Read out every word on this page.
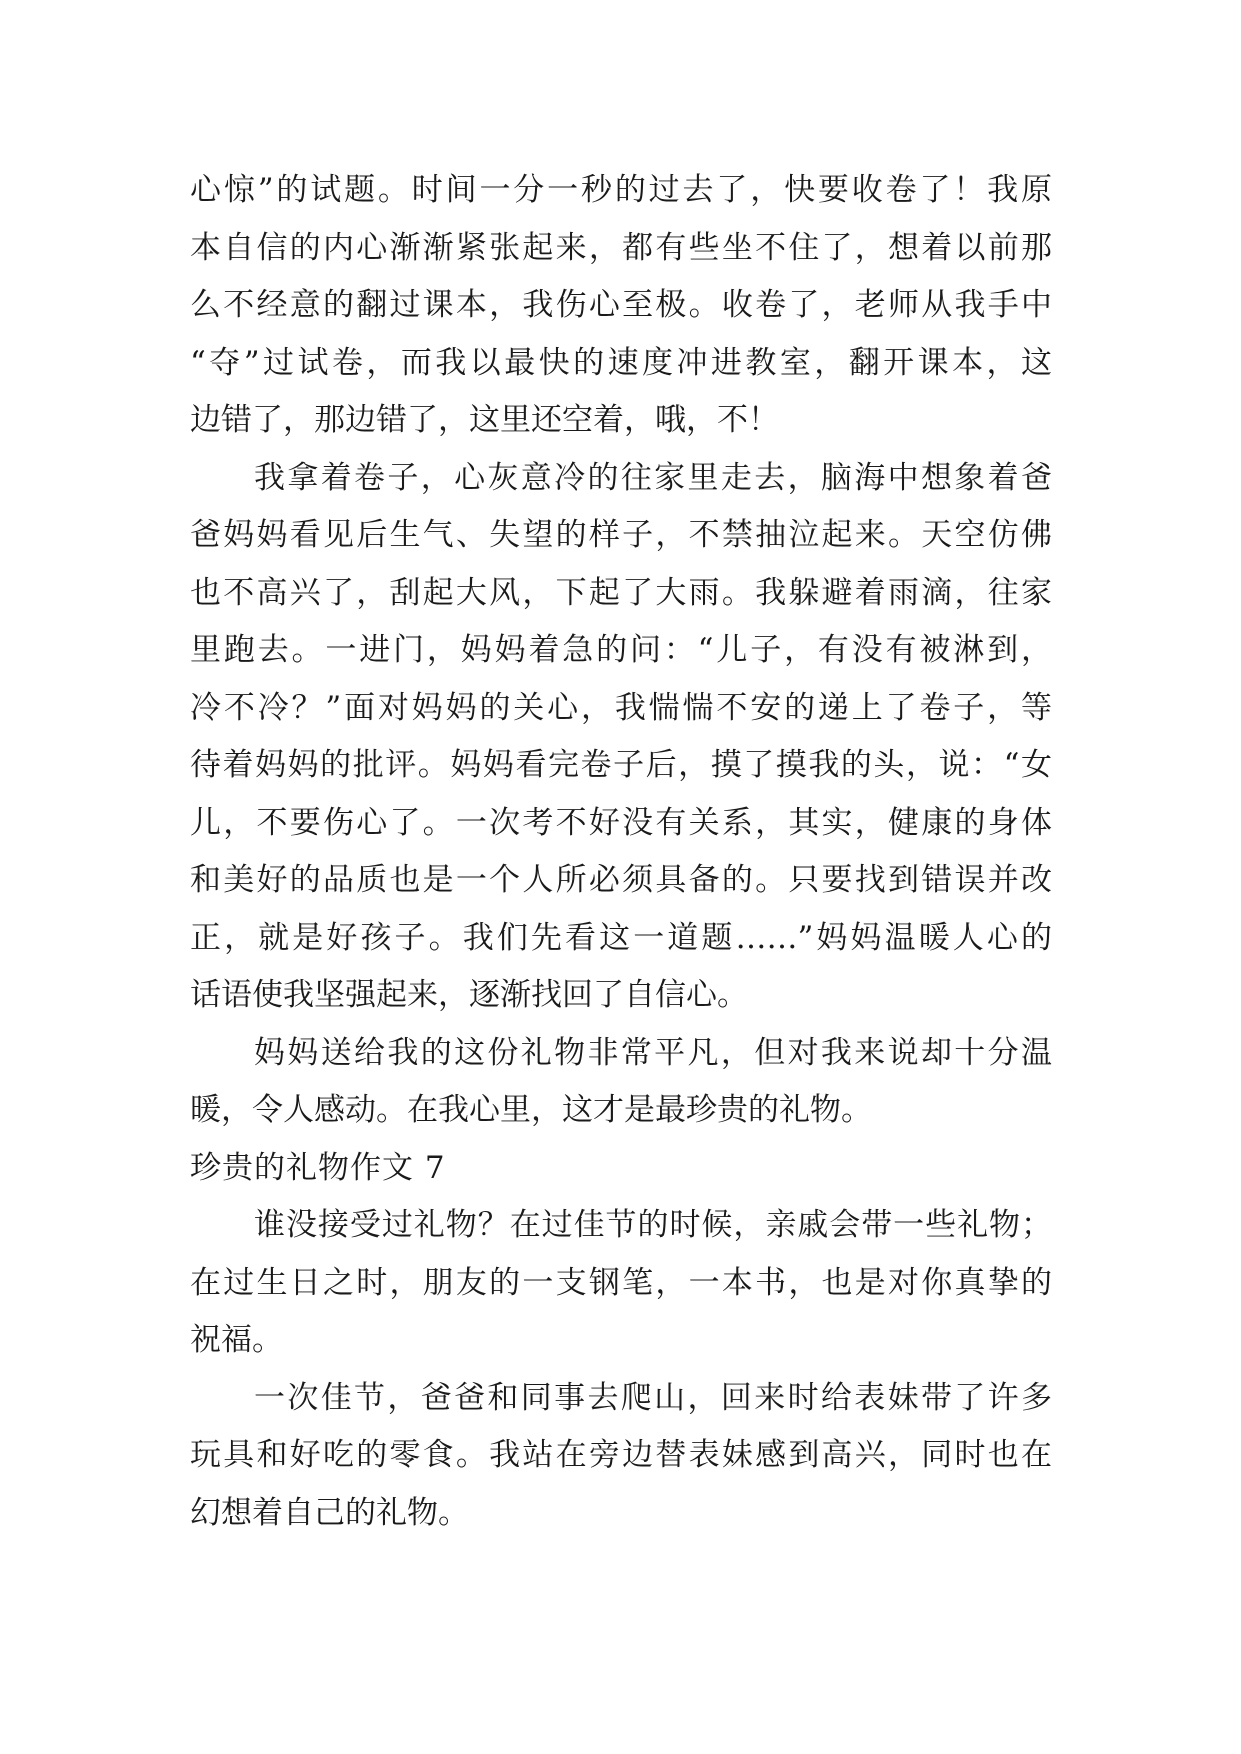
心惊”的试题。时间一分一秒的过去了，快要收卷了！我原
本自信的内心渐渐紧张起来，都有些坐不住了，想着以前那
么不经意的翻过课本，我伤心至极。收卷了，老师从我手中
“夺”过试卷，而我以最快的速度冲进教室，翻开课本，这
边错了，那边错了，这里还空着，哦，不！
我拿着卷子，心灰意冷的往家里走去，脑海中想象着爸
爸妈妈看见后生气、失望的样子，不禁抽泣起来。天空仿佛
也不高兴了，刮起大风，下起了大雨。我躲避着雨滴，往家
里跑去。一进门，妈妈着急的问：“儿子，有没有被淋到，
冷不冷？”面对妈妈的关心，我惴惴不安的递上了卷子，等
待着妈妈的批评。妈妈看完卷子后，摸了摸我的头，说：“女
儿，不要伤心了。一次考不好没有关系，其实，健康的身体
和美好的品质也是一个人所必须具备的。只要找到错误并改
正，就是好孩子。我们先看这一道题……”妈妈温暖人心的
话语使我坚强起来，逐渐找回了自信心。
妈妈送给我的这份礼物非常平凡，但对我来说却十分温
暖，令人感动。在我心里，这才是最珍贵的礼物。
珍贵的礼物作文 7
谁没接受过礼物？在过佳节的时候，亲戚会带一些礼物；
在过生日之时，朋友的一支钢笔，一本书，也是对你真挚的
祝福。
一次佳节，爸爸和同事去爬山，回来时给表妹带了许多
玩具和好吃的零食。我站在旁边替表妹感到高兴，同时也在
幻想着自己的礼物。
